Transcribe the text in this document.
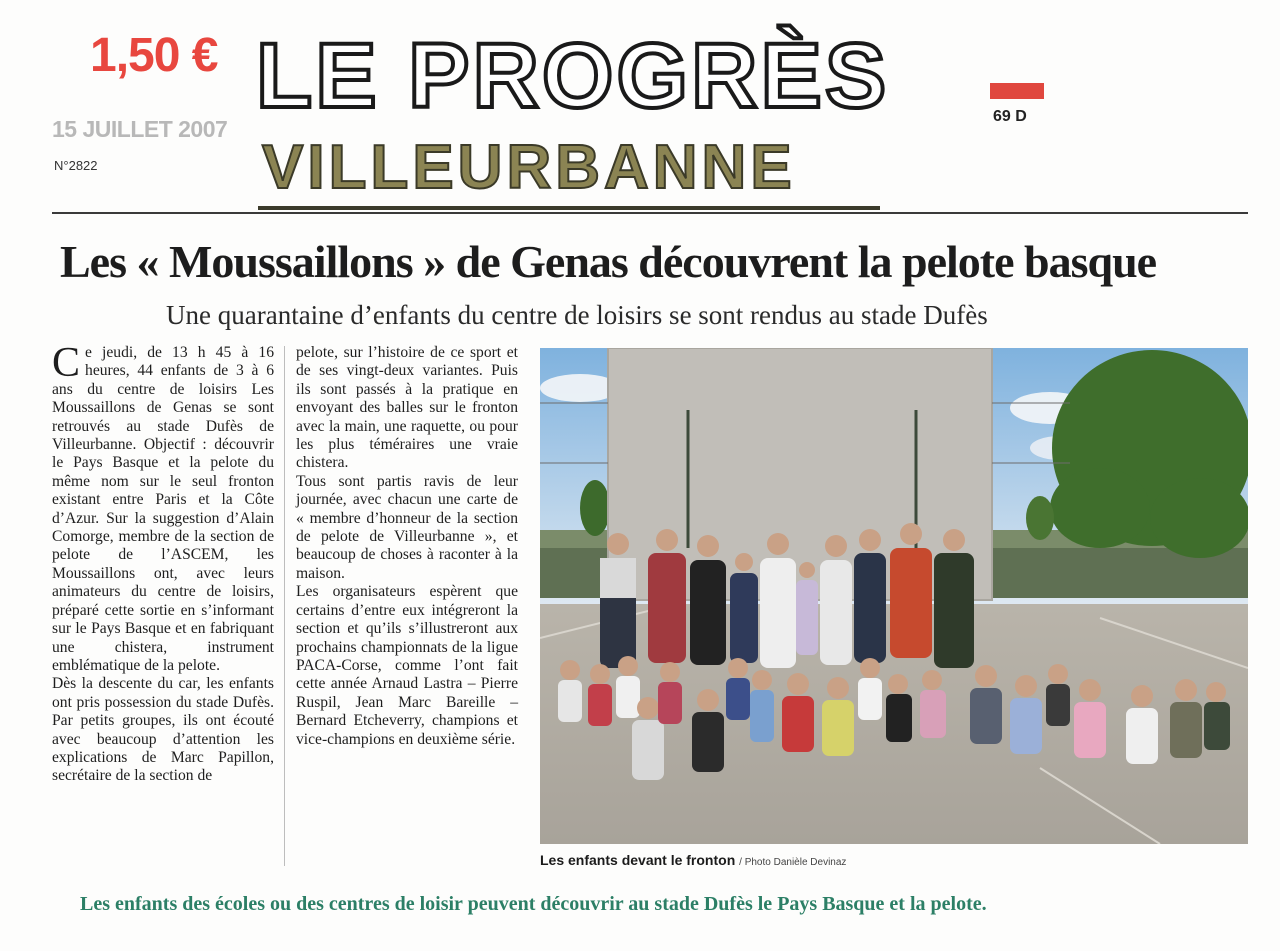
1,50 € LE PROGRÈS	69 D
15 JUILLET 2007
N°2822	VILLEURBANNE
Les « Moussaillons » de Genas découvrent la pelote basque
Une quarantaine d’enfants du centre de loisirs se sont rendus au stade Dufès

Ce jeudi, de 13 h 45 à 16 heures, 44 enfants de 3 à 6 ans du centre de loisirs Les Moussaillons de Genas se sont retrouvés au stade Dufès de Villeurbanne. Objectif : découvrir le Pays Basque et la pelote du même nom sur le seul fronton existant entre Paris et la Côte d’Azur. Sur la suggestion d’Alain Comorge, membre de la section de pelote de l’ASCEM, les Moussaillons ont, avec leurs animateurs du centre de loisirs, préparé cette sortie en s’informant sur le Pays Basque et en fabriquant une chistera, instrument emblématique de la pelote.

Dès la descente du car, les enfants ont pris possession du stade Dufès. Par petits groupes, ils ont écouté avec beaucoup d’attention les explications de Marc Papillon, secrétaire de la section de

pelote, sur l’histoire de ce sport et de ses vingt-deux variantes. Puis ils sont passés à la pratique en envoyant des balles sur le fronton avec la main, une raquette, ou pour les plus téméraires une vraie chistera.

Tous sont partis ravis de leur journée, avec chacun une carte de « membre d’honneur de la section de pelote de Villeurbanne », et beaucoup de choses à raconter à la maison.

Les organisateurs espèrent que certains d’entre eux intégreront la section et qu’ils s’illustreront aux prochains championnats de la ligue PACA-Corse, comme l’ont fait cette année Arnaud Lastra – Pierre Ruspil, Jean Marc Bareille – Bernard Etcheverry, champions et vice-champions en deuxième série.

Les enfants devant le fronton / Photo Danièle Devinaz
Les enfants des écoles ou des centres de loisir peuvent découvrir au stade Dufès le Pays Basque et la pelote.
